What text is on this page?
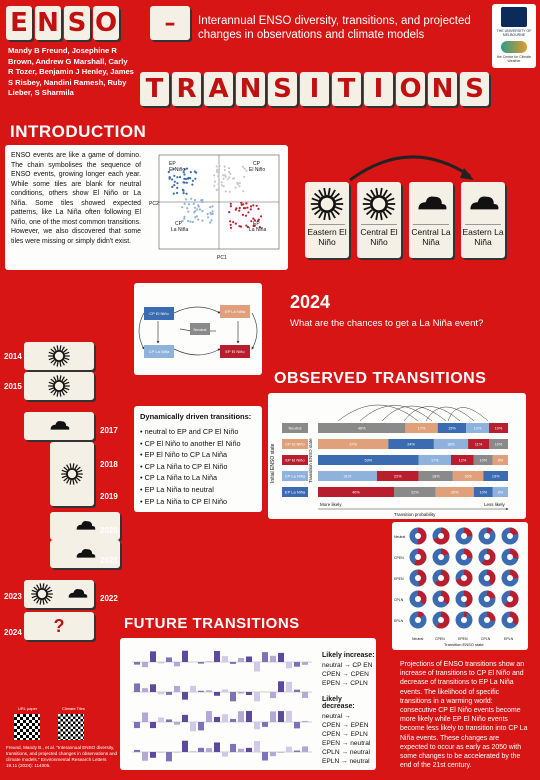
E N S O	–	Interannual ENSO diversity, transitions, and projected changes in observations and climate models	THE UNIVERSITY OF MELBOURNE
the Centre for Climate Weather
Mandy B Freund, Josephine R Brown, Andrew G Marshall, Carly R Tozer, Benjamin J Henley, James S Risbey, Nandini Ramesh, Ruby Lieber, S Sharmila	T R A N S I T I O N S
INTRODUCTION
ENSO events are like a game of domino. The chain symbolises the sequence of ENSO events, growing longer each year. While some tiles are blank for neutral conditions, others show El Niño or La Niña. Some tiles showed expected patterns, like La Niña often following El Niño, one of the most common transitions. However, we also discovered that some tiles were missing or simply didn't exist.
EP
El Niño
CP
El Niño
CP
La Niña
EP
La Niña
PC1
PC2
Eastern El Niño
Central El Niño
Central La Niña
Eastern La Niña
CP El Niño
Neutral
EP La Niña
EP El Niño
CP La Niña
Dynamically driven transitions:
• neutral to EP and CP El Niño
• CP El Niño to another El Niño
• EP El Niño to CP La Niña
• CP La Niña to CP El Niño
• CP La Niña to La Niña
• EP La Niña to neutral
• EP La Niña to CP El Niño
2024
What are the chances to get a La Niña event?
OBSERVED TRANSITIONS
Initial ENSO state	Transition ENSO state
Neutral	46%	17%	15%	12%	10%
CP El Niño	37%	24%	18%	11%	10%
EP El Niño	53%	17%	12%	10%	8%
CP La Niña	31%	22%	18%	16%	13%
EP La Niña	40%	22%	20%	10%	8%
More likely	Less likely
Transition probability
?
2014
2015
2017
2018
2019
2020
2021
2022
2023
2024
FUTURE TRANSITIONS
Likely increase:
neutral → CP EN
CPEN → CPEN
EPEN → CPLN
Likely decrease:
neutral →
CPEN → EPEN
CPEN → EPLN
EPEN → neutral
CPLN → neutral
EPLN → neutral
Transition ENSO state
Neutral
CPEN
EPEN
CPLN
EPLN
Neutral	CPEN	EPEN	CPLN	EPLN
Projections of ENSO transitions show an increase of transitions to CP El Niño and decrease of transitions to EP La Niña events. The likelihood of specific transitions in a warming world: consecutive CP El Niño events become more likely while EP El Niño events become less likely to transition into CP La Niña events. These changes are expected to occur as early as 2050 with some changes to be accelerated by the end of the 21st century.
URL paper	Climate Tiles
Freund, Mandy B., et al. "Interannual ENSO diversity, transitions, and projected changes in observations and climate models." Environmental Research Letters 19.11 (2024): 114005.
